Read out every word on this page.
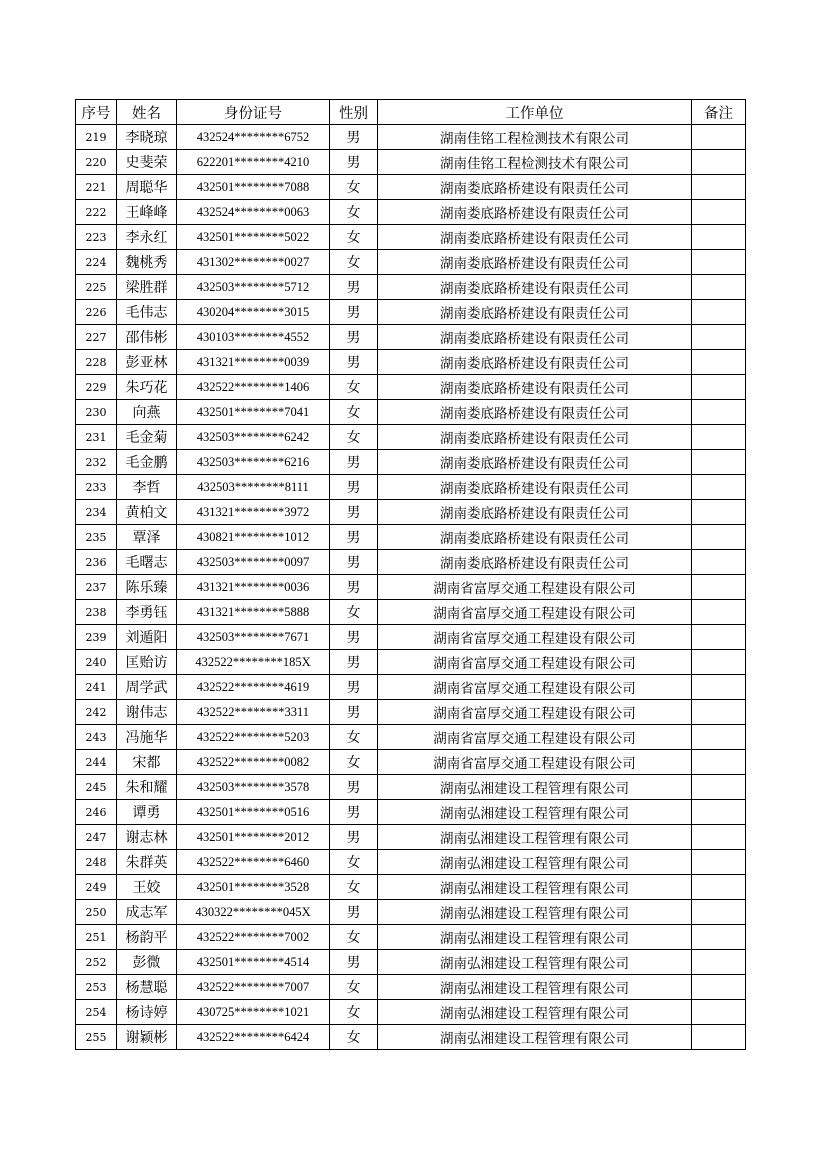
序号	姓名	身份证号	性别	工作单位	备注
219	李晓琼	432524********6752	男	湖南佳铭工程检测技术有限公司	
220	史斐荣	622201********4210	男	湖南佳铭工程检测技术有限公司	
221	周聪华	432501********7088	女	湖南娄底路桥建设有限责任公司	
222	王峰峰	432524********0063	女	湖南娄底路桥建设有限责任公司	
223	李永红	432501********5022	女	湖南娄底路桥建设有限责任公司	
224	魏桃秀	431302********0027	女	湖南娄底路桥建设有限责任公司	
225	梁胜群	432503********5712	男	湖南娄底路桥建设有限责任公司	
226	毛伟志	430204********3015	男	湖南娄底路桥建设有限责任公司	
227	邵伟彬	430103********4552	男	湖南娄底路桥建设有限责任公司	
228	彭亚林	431321********0039	男	湖南娄底路桥建设有限责任公司	
229	朱巧花	432522********1406	女	湖南娄底路桥建设有限责任公司	
230	向燕	432501********7041	女	湖南娄底路桥建设有限责任公司	
231	毛金菊	432503********6242	女	湖南娄底路桥建设有限责任公司	
232	毛金鹏	432503********6216	男	湖南娄底路桥建设有限责任公司	
233	李哲	432503********8111	男	湖南娄底路桥建设有限责任公司	
234	黄柏文	431321********3972	男	湖南娄底路桥建设有限责任公司	
235	覃泽	430821********1012	男	湖南娄底路桥建设有限责任公司	
236	毛曙志	432503********0097	男	湖南娄底路桥建设有限责任公司	
237	陈乐臻	431321********0036	男	湖南省富厚交通工程建设有限公司	
238	李勇钰	431321********5888	女	湖南省富厚交通工程建设有限公司	
239	刘遁阳	432503********7671	男	湖南省富厚交通工程建设有限公司	
240	匡贻访	432522********185X	男	湖南省富厚交通工程建设有限公司	
241	周学武	432522********4619	男	湖南省富厚交通工程建设有限公司	
242	谢伟志	432522********3311	男	湖南省富厚交通工程建设有限公司	
243	冯施华	432522********5203	女	湖南省富厚交通工程建设有限公司	
244	宋都	432522********0082	女	湖南省富厚交通工程建设有限公司	
245	朱和耀	432503********3578	男	湖南弘湘建设工程管理有限公司	
246	谭勇	432501********0516	男	湖南弘湘建设工程管理有限公司	
247	谢志林	432501********2012	男	湖南弘湘建设工程管理有限公司	
248	朱群英	432522********6460	女	湖南弘湘建设工程管理有限公司	
249	王姣	432501********3528	女	湖南弘湘建设工程管理有限公司	
250	成志军	430322********045X	男	湖南弘湘建设工程管理有限公司	
251	杨韵平	432522********7002	女	湖南弘湘建设工程管理有限公司	
252	彭微	432501********4514	男	湖南弘湘建设工程管理有限公司	
253	杨慧聪	432522********7007	女	湖南弘湘建设工程管理有限公司	
254	杨诗婷	430725********1021	女	湖南弘湘建设工程管理有限公司	
255	谢颖彬	432522********6424	女	湖南弘湘建设工程管理有限公司	
